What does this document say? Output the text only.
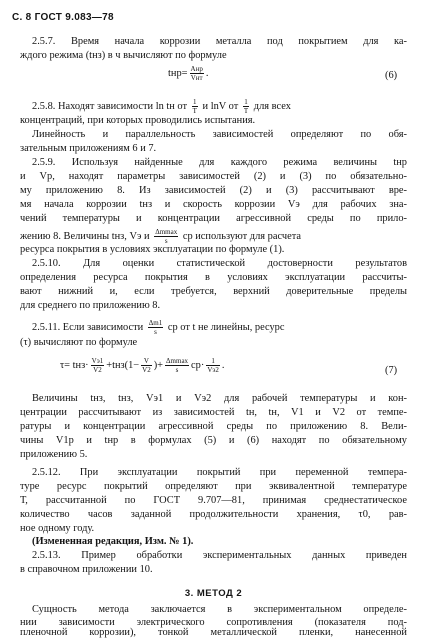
С. 8 ГОСТ 9.083—78
2.5.7. Время начала коррозии металла под покрытием для ка-
ждого режима (tнз) в ч вычисляют по формуле
$tнр= \frac{\text{Aнр}}{\text{Vнт}}$ .	(6)
2.5.8. Находят зависимости ln tн от $\frac{1}{T}$ и lnV от $\frac{1}{T}$ для всех
концентраций, при которых проводились испытания.
Линейность и параллельность зависимостей определяют по обя-
зательным приложениям 6 и 7.
2.5.9. Используя найденные для каждого режима величины tнр
и Vр, находят параметры зависимостей (2) и (3) по обязательно-
му приложению 8. Из зависимостей (2) и (3) рассчитывают вре-
мя начала коррозии tнз и скорость коррозии Vэ для рабочих зна-
чений температуры и концентрации агрессивной среды по прило-
жению 8. Величины tнз, Vэ и $\frac{\Delta mmax}{s}$ ср используют для расчета
ресурса покрытия в условиях эксплуатации по формуле (1).
2.5.10. Для оценки статистической достоверности результатов
определения ресурса покрытия в условиях эксплуатации рассчиты-
вают нижний и, если требуется, верхний доверительные пределы
для среднего по приложению 8.
2.5.11. Если зависимости $\frac{\Delta m1}{s}$ ср от t не линейны, ресурс
(τ) вычисляют по формуле
$\tau= tнз\cdot \frac{Vэ1}{V2} +tнз(1- \frac{V}{V2}$ )+ $\frac{\Delta mmax}{s} ср\cdot \frac{1}{Vэ2}$ .	(7)
Величины tнз, tнз, Vэ1 и Vэ2 для рабочей температуры и кон-
центрации рассчитывают из зависимостей tн, tн, V1 и V2 от темпе-
ратуры и концентрации агрессивной среды по приложению 8. Вели-
чины V1р и tнр в формулах (5) и (6) находят по обязательному
приложению 5.
2.5.12. При эксплуатации покрытий при переменной темпера-
туре ресурс покрытий определяют при эквивалентной температуре
Т, рассчитанной по ГОСТ 9.707—81, принимая среднестатическое
количество часов заданной продолжительности хранения, τ0, рав-
ное одному году.
(Измененная редакция, Изм. № 1).
2.5.13. Пример обработки экспериментальных данных приведен
в справочном приложении 10.
3. МЕТОД 2
Сущность метода заключается в экспериментальном определе-
нии зависимости электрического сопротивления (показателя под-
пленочной коррозии), тонкой металлической пленки, нанесенной
